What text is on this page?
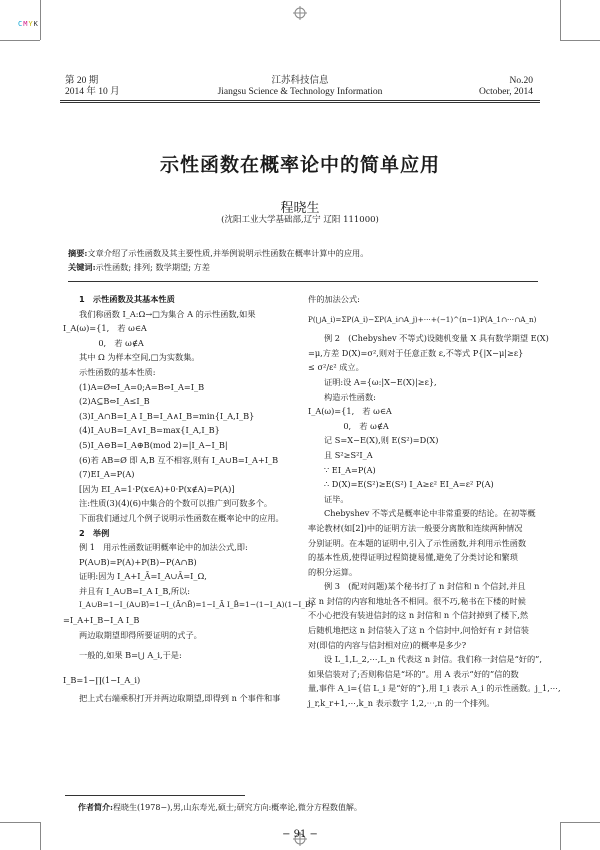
CMYK
第 20 期
2014 年 10 月
江苏科技信息
Jiangsu Science & Technology Information
No.20
October, 2014
示性函数在概率论中的简单应用
程晓生
(沈阳工业大学基础部,辽宁 辽阳 111000)
摘要:文章介绍了示性函数及其主要性质,并举例说明示性函数在概率计算中的应用。
关键词:示性函数; 排列; 数学期望; 方差

1　示性函数及其基本性质

我们称函数 I_A:Ω→□为集合 A 的示性函数,如果

I_A(ω)={1,　若 ω∈A

　　　　 0,　若 ω∉A

其中 Ω 为样本空间,□为实数集。

示性函数的基本性质:

(1)A=Ø⇔I_A=0;A=B⇔I_A=I_B

(2)A⊆B⇔I_A≤I_B

(3)I_A∩B=I_A I_B=I_A∧I_B=min{I_A,I_B}

(4)I_A∪B=I_A∨I_B=max{I_A,I_B}

(5)I_A⊖B=I_A⊕B(mod 2)=|I_A−I_B|

(6)若 AB=Ø 即 A,B 互不相容,则有 I_A∪B=I_A+I_B

(7)EI_A=P(A)

[因为 EI_A=1·P(x∈A)+0·P(x∉A)=P(A)]

注:性质(3)(4)(6)中集合的个数可以推广到可数多个。

下面我们通过几个例子说明示性函数在概率论中的应用。

2　举例

例 1　用示性函数证明概率论中的加法公式,即:

P(A∪B)=P(A)+P(B)−P(A∩B)

证明:因为 I_A+I_Ā=I_A∪Ā=I_Ω,

并且有 I_A∪B=I_A I_B,所以:

I_A∪B=1−I_(A∪B)̄=1−I_(Ā∩B̄)=1−I_Ā I_B̄=1−(1−I_A)(1−I_B)

=I_A+I_B−I_A I_B

两边取期望即得所要证明的式子。

一般的,如果 B=⋃ A_i,于是:

I_B=1−∏(1−I_A_i)

把上式右端乘积打开并两边取期望,即得到 n 个事件和事

件的加法公式:

P(⋃A_i)=ΣP(A_i)−ΣP(A_i∩A_j)+⋯+(−1)^(n−1)P(A_1∩⋯∩A_n)

例 2　(Chebyshev 不等式)设随机变量 X 具有数学期望 E(X)

=μ,方差 D(X)=σ²,则对于任意正数 ε,不等式 P{|X−μ|≥ε}

≤ σ²/ε² 成立。

证明:设 A={ω:|X−E(X)|≥ε},

构造示性函数:

I_A(ω)={1,　若 ω∈A

　　　　 0,　若 ω∉A

记 S=X−E(X),则 E(S²)=D(X)

且 S²≥S²I_A

∵ EI_A=P(A)

∴ D(X)=E(S²)≥E(S²) I_A≥ε² EI_A=ε² P(A)

证毕。

Chebyshev 不等式是概率论中非常重要的结论。在初等概

率论教材(如[2])中的证明方法一般要分离散和连续两种情况

分别证明。在本题的证明中,引入了示性函数,并利用示性函数

的基本性质,使得证明过程简捷易懂,避免了分类讨论和繁琐

的积分运算。

例 3　(配对问题)某个秘书打了 n 封信和 n 个信封,并且

这 n 封信的内容和地址各不相同。很不巧,秘书在下楼的时候

不小心把没有装进信封的这 n 封信和 n 个信封掉到了楼下,然

后随机地把这 n 封信装入了这 n 个信封中,问恰好有 r 封信装

对(即信的内容与信封相对应)的概率是多少?

设 L_1,L_2,⋯,L_n 代表这 n 封信。我们称一封信是“好的”,

如果信装对了;否则称信是“坏的”。用 A 表示“好的”信的数

量,事件 A_i={信 L_i 是“好的”},用 I_i 表示 A_i 的示性函数。j_1,⋯,

j_r,k_r+1,⋯,k_n 表示数字 1,2,⋯,n 的一个排列。

作者简介:程晓生(1978−),男,山东寿光,硕士;研究方向:概率论,微分方程数值解。
− 91 −
